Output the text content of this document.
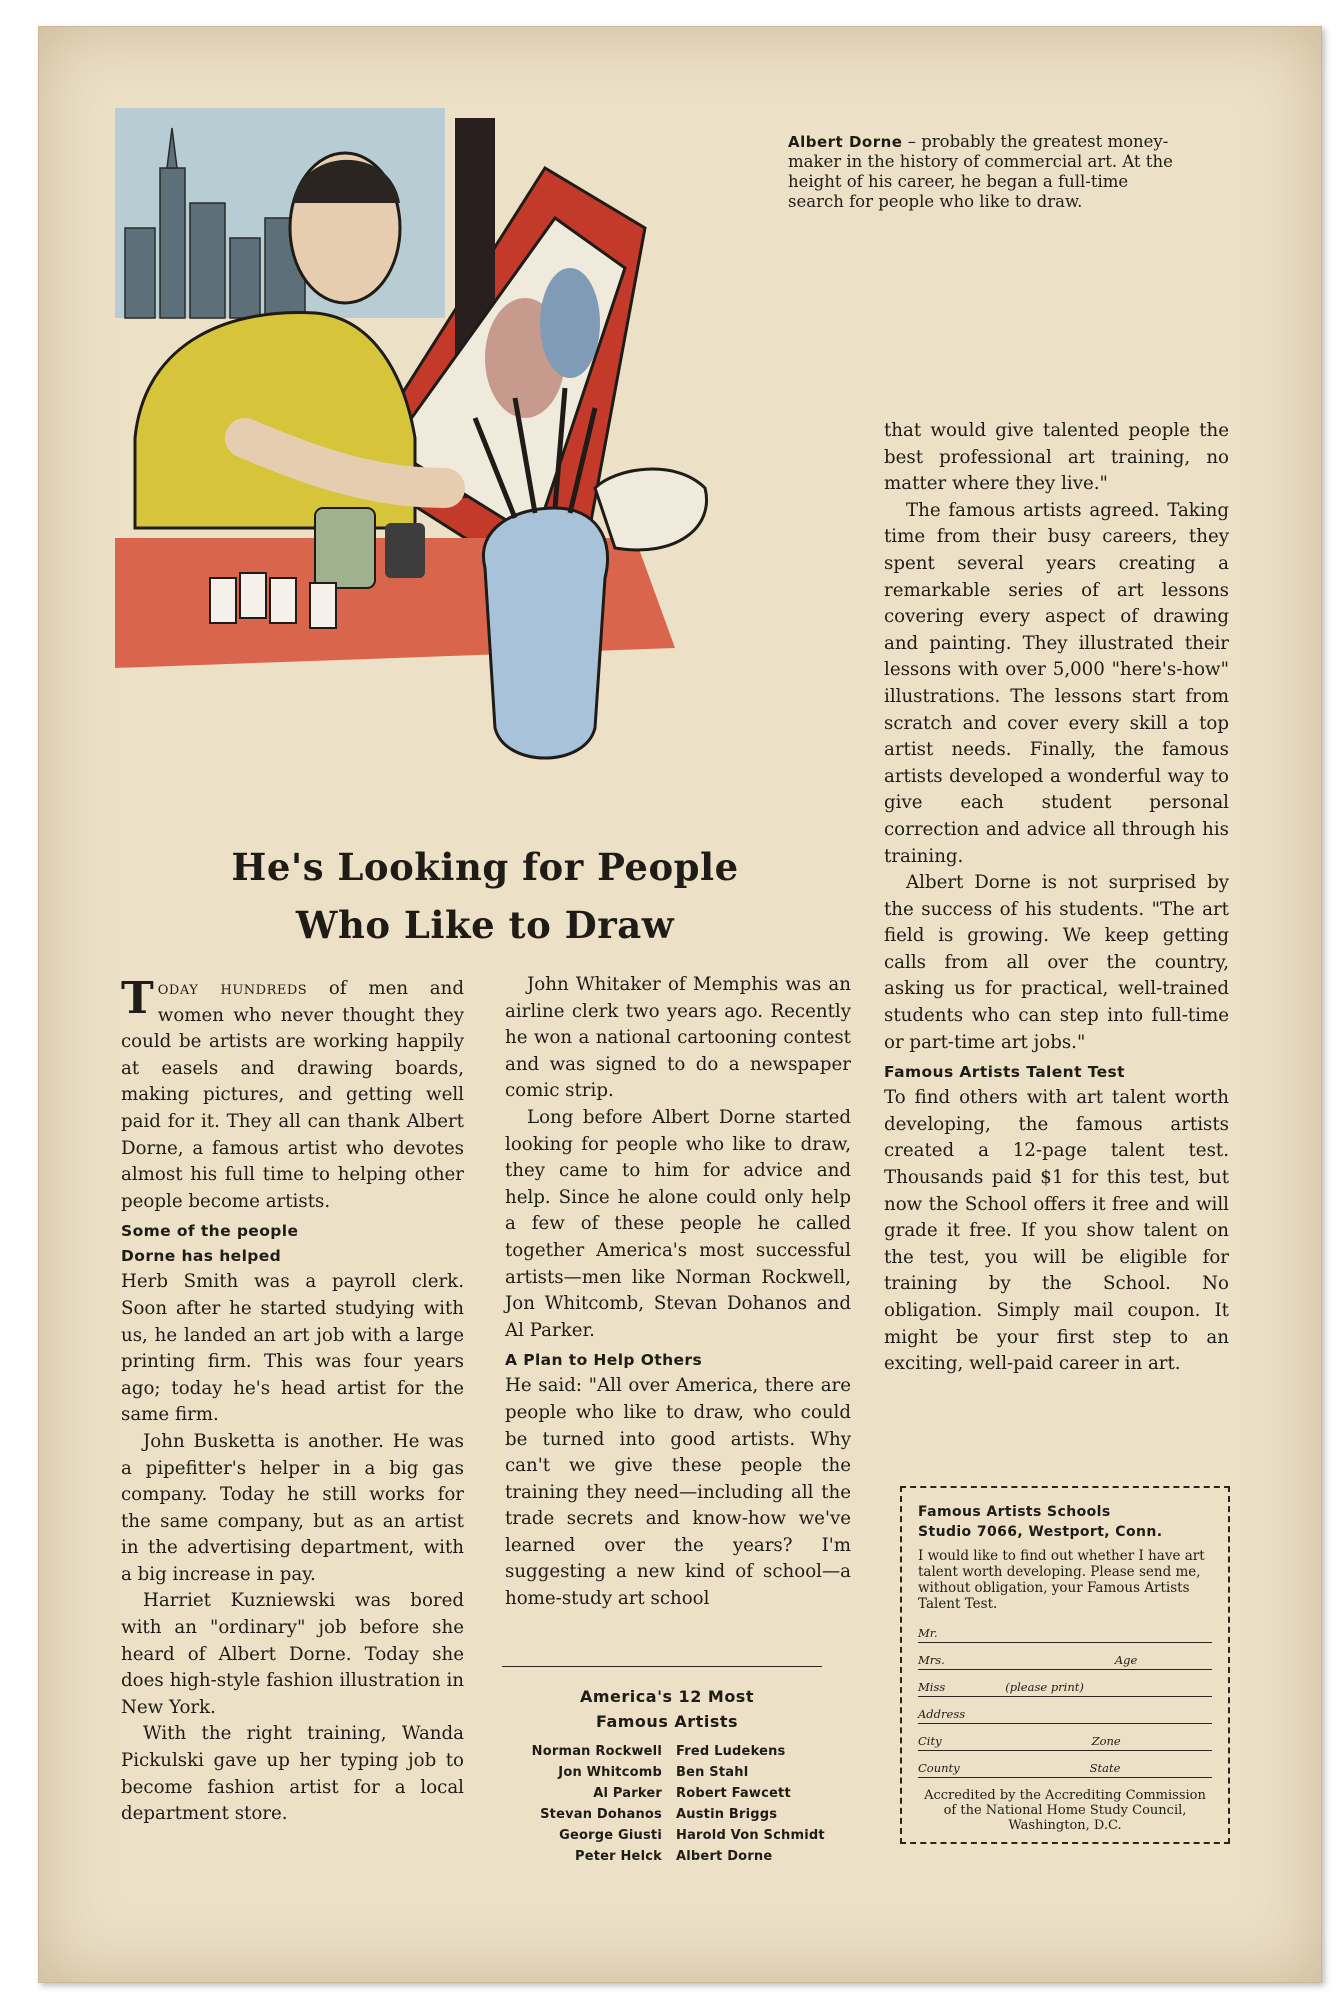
Albert Dorne – probably the greatest money-maker in the history of commercial art. At the height of his career, he began a full-time search for people who like to draw.
He's Looking for People
Who Like to Draw

Today hundreds of men and women who never thought they could be artists are working happily at easels and drawing boards, making pictures, and getting well paid for it. They all can thank Albert Dorne, a famous artist who devotes almost his full time to helping other people become artists.

Some of the people
Dorne has helped

Herb Smith was a payroll clerk. Soon after he started studying with us, he landed an art job with a large printing firm. This was four years ago; today he's head artist for the same firm.

John Busketta is another. He was a pipefitter's helper in a big gas company. Today he still works for the same company, but as an artist in the advertising department, with a big increase in pay.

Harriet Kuzniewski was bored with an "ordinary" job before she heard of Albert Dorne. Today she does high-style fashion illustration in New York.

With the right training, Wanda Pickulski gave up her typing job to become fashion artist for a local department store.

John Whitaker of Memphis was an airline clerk two years ago. Recently he won a national cartooning contest and was signed to do a newspaper comic strip.

Long before Albert Dorne started looking for people who like to draw, they came to him for advice and help. Since he alone could only help a few of these people he called together America's most successful artists—men like Norman Rockwell, Jon Whitcomb, Stevan Dohanos and Al Parker.

A Plan to Help Others

He said: "All over America, there are people who like to draw, who could be turned into good artists. Why can't we give these people the training they need—including all the trade secrets and know-how we've learned over the years? I'm suggesting a new kind of school—a home-study art school

that would give talented people the best professional art training, no matter where they live."

The famous artists agreed. Taking time from their busy careers, they spent several years creating a remarkable series of art lessons covering every aspect of drawing and painting. They illustrated their lessons with over 5,000 "here's-how" illustrations. The lessons start from scratch and cover every skill a top artist needs. Finally, the famous artists developed a wonderful way to give each student personal correction and advice all through his training.

Albert Dorne is not surprised by the success of his students. "The art field is growing. We keep getting calls from all over the country, asking us for practical, well-trained students who can step into full-time or part-time art jobs."

Famous Artists Talent Test

To find others with art talent worth developing, the famous artists created a 12-page talent test. Thousands paid $1 for this test, but now the School offers it free and will grade it free. If you show talent on the test, you will be eligible for training by the School. No obligation. Simply mail coupon. It might be your first step to an exciting, well-paid career in art.

America's 12 Most
Famous Artists
Norman Rockwell	Fred Ludekens
Jon Whitcomb	Ben Stahl
Al Parker	Robert Fawcett
Stevan Dohanos	Austin Briggs
George Giusti	Harold Von Schmidt
Peter Helck	Albert Dorne
Famous Artists Schools
Studio 7066, Westport, Conn.
I would like to find out whether I have art talent worth developing. Please send me, without obligation, your Famous Artists Talent Test.
Mr.
Mrs.	Age
Miss	(please print)
Address
City	Zone
County	State
Accredited by the Accrediting Commission of the National Home Study Council, Washington, D.C.
